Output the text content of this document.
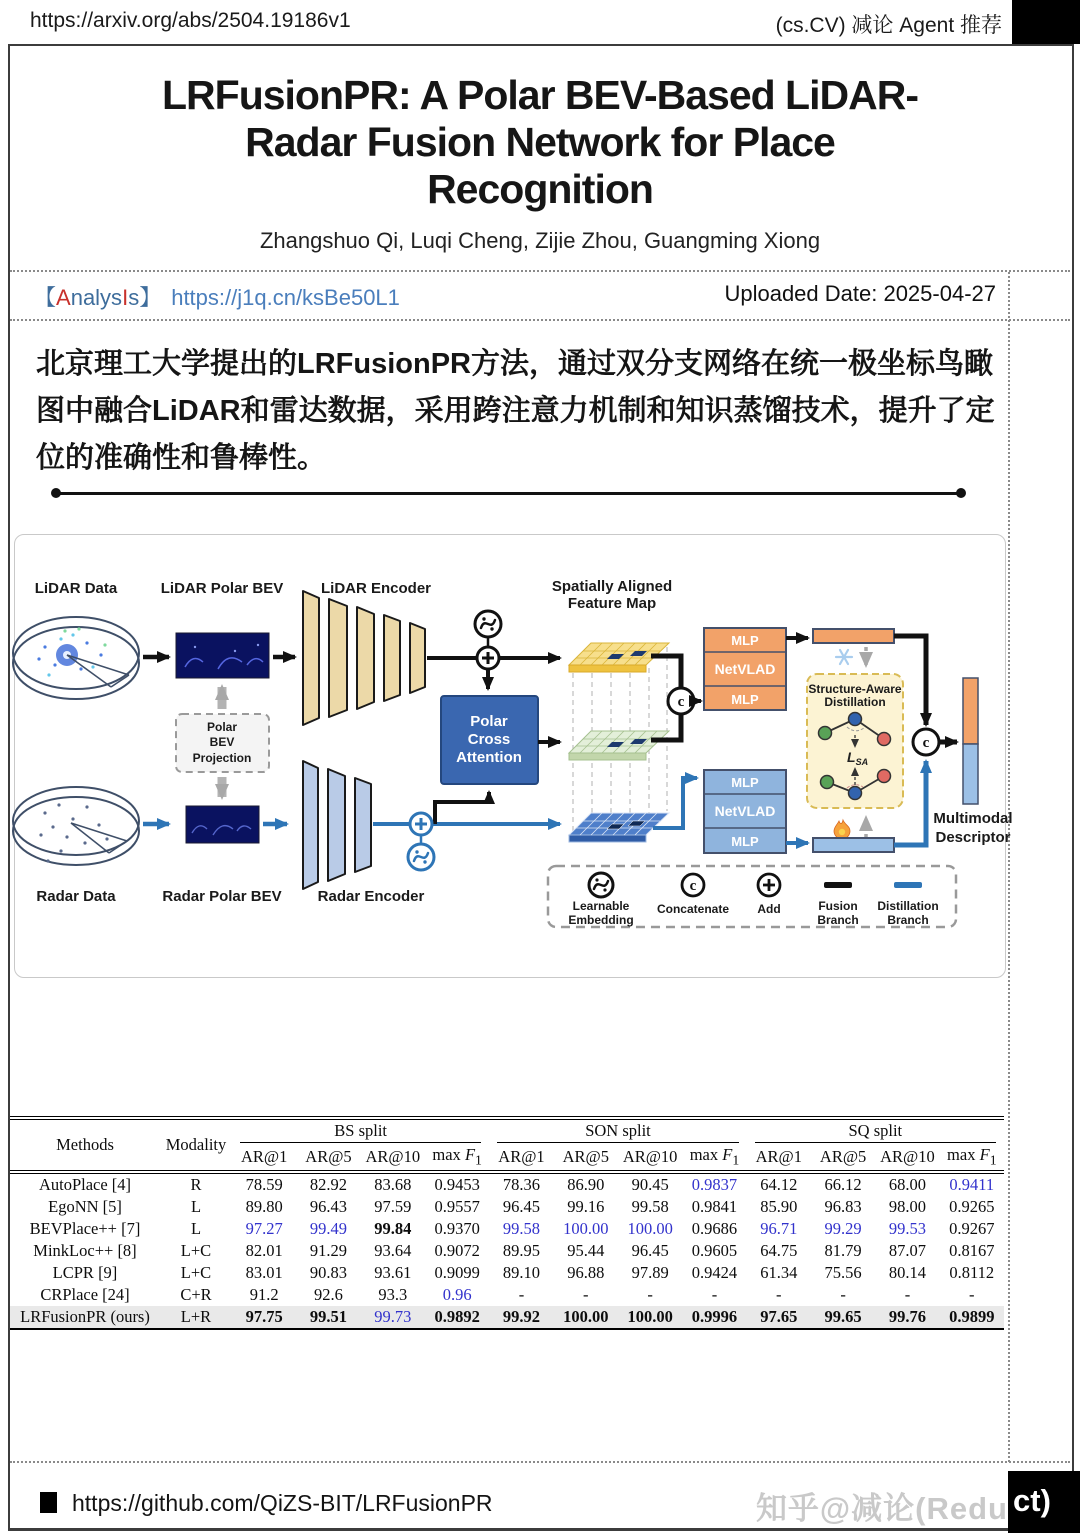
https://arxiv.org/abs/2504.19186v1	(cs.CV) 减论 Agent 推荐
LRFusionPR: A Polar BEV-Based LiDAR-
Radar Fusion Network for Place
Recognition
Zhangshuo Qi, Luqi Cheng, Zijie Zhou, Guangming Xiong
【AnalysIs】 https://j1q.cn/ksBe50L1	Uploaded Date: 2025-04-27
北京理工大学提出的LRFusionPR方法，通过双分支网络在统一极坐标鸟瞰
图中融合LiDAR和雷达数据，采用跨注意力机制和知识蒸馏技术，提升了定
位的准确性和鲁棒性。
LiDAR Data	LiDAR Polar BEV	LiDAR Encoder	Spatially Aligned
Feature Map
Radar Data	Radar Polar BEV Radar Encoder
Polar
BEV
Projection
Polar
Cross
Attention
c
MLP
NetVLAD
MLP
Structure-Aware
Distillation
$L_{SA}$
MLP
NetVLAD
MLP
c
Multimodal
Descriptor
Learnable
Embedding
c
Concatenate Add	Fusion
Branch
Distillation
Branch
Methods	Modality	BS split				SON split				SQ split			

		AR@1	AR@5	AR@10	$\max F_1$	AR@1	AR@5	AR@10	$\max F_1$	AR@1	AR@5	AR@10	$\max F_1$
AutoPlace [4]	R	78.59	82.92	83.68	0.9453	78.36	86.90	90.45	0.9837	64.12	66.12	68.00	0.9411
EgoNN [5]	L	89.80	96.43	97.59	0.9557	96.45	99.16	99.58	0.9841	85.90	96.83	98.00	0.9265
BEVPlace++ [7]	L	97.27	99.49	99.84	0.9370	99.58	100.00	100.00	0.9686	96.71	99.29	99.53	0.9267
MinkLoc++ [8]	L+C	82.01	91.29	93.64	0.9072	89.95	95.44	96.45	0.9605	64.75	81.79	87.07	0.8167
LCPR [9]	L+C	83.01	90.83	93.61	0.9099	89.10	96.88	97.89	0.9424	61.34	75.56	80.14	0.8112
CRPlace [24]	C+R	91.2	92.6	93.3	0.96	-	-	-	-	-	-	-	-
LRFusionPR (ours)	L+R	97.75	99.51	99.73	0.9892	99.92	100.00	100.00	0.9996	97.65	99.65	99.76	0.9899
https://github.com/QiZS-BIT/LRFusionPR	知乎@减论(Redu ct)
